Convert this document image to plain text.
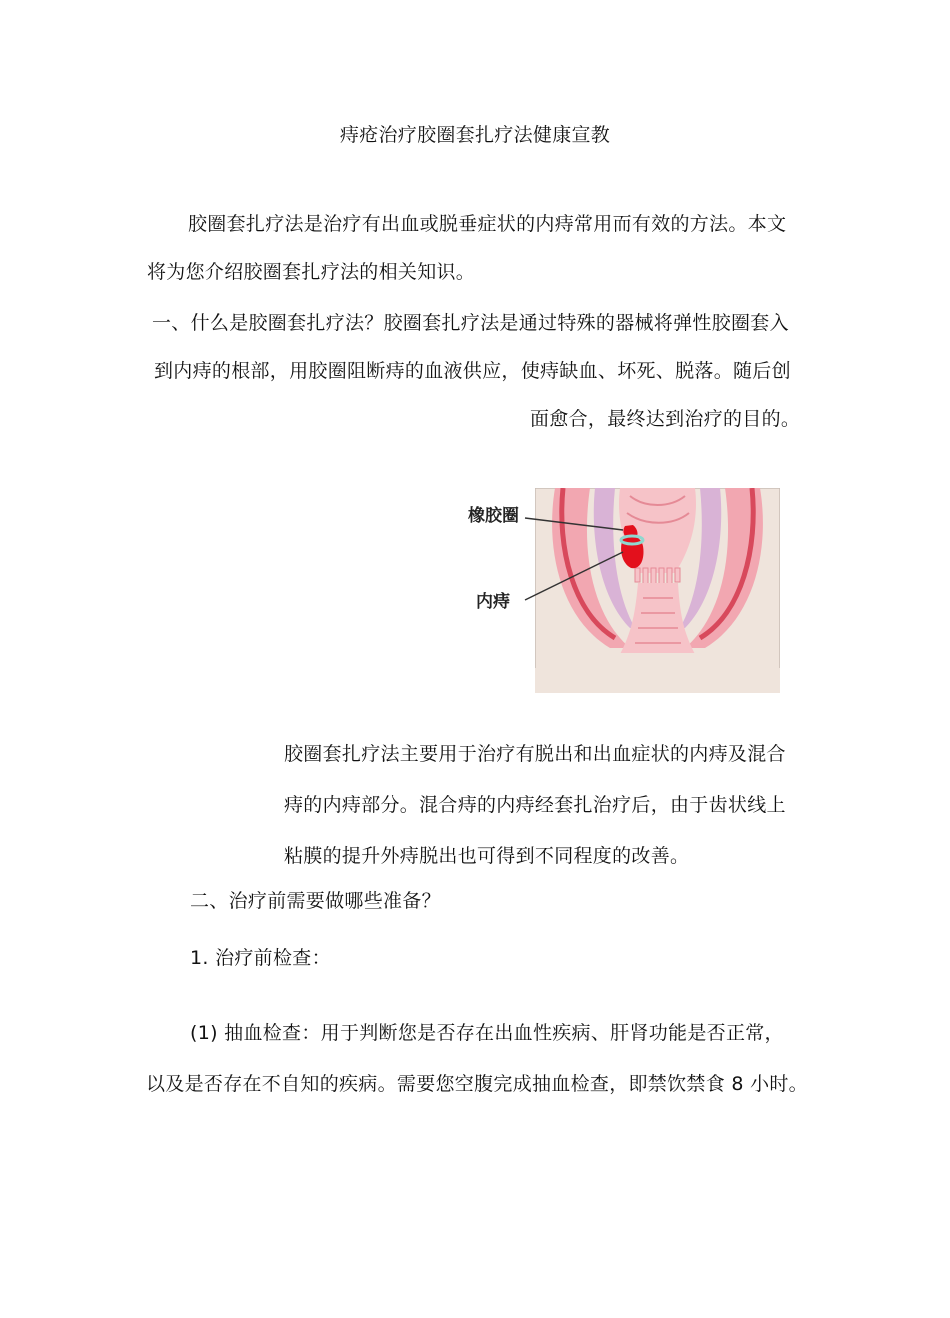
痔疮治疗胶圈套扎疗法健康宣教
胶圈套扎疗法是治疗有出血或脱垂症状的内痔常用而有效的方法。本文
将为您介绍胶圈套扎疗法的相关知识。
一、什么是胶圈套扎疗法？胶圈套扎疗法是通过特殊的器械将弹性胶圈套入
到内痔的根部，用胶圈阻断痔的血液供应，使痔缺血、坏死、脱落。随后创
面愈合，最终达到治疗的目的。
橡胶圈
内痔
胶圈套扎疗法主要用于治疗有脱出和出血症状的内痔及混合
痔的内痔部分。混合痔的内痔经套扎治疗后，由于齿状线上
粘膜的提升外痔脱出也可得到不同程度的改善。
二、治疗前需要做哪些准备？
1. 治疗前检查：
(1) 抽血检查：用于判断您是否存在出血性疾病、肝肾功能是否正常，
以及是否存在不自知的疾病。需要您空腹完成抽血检查，即禁饮禁食 8 小时。
